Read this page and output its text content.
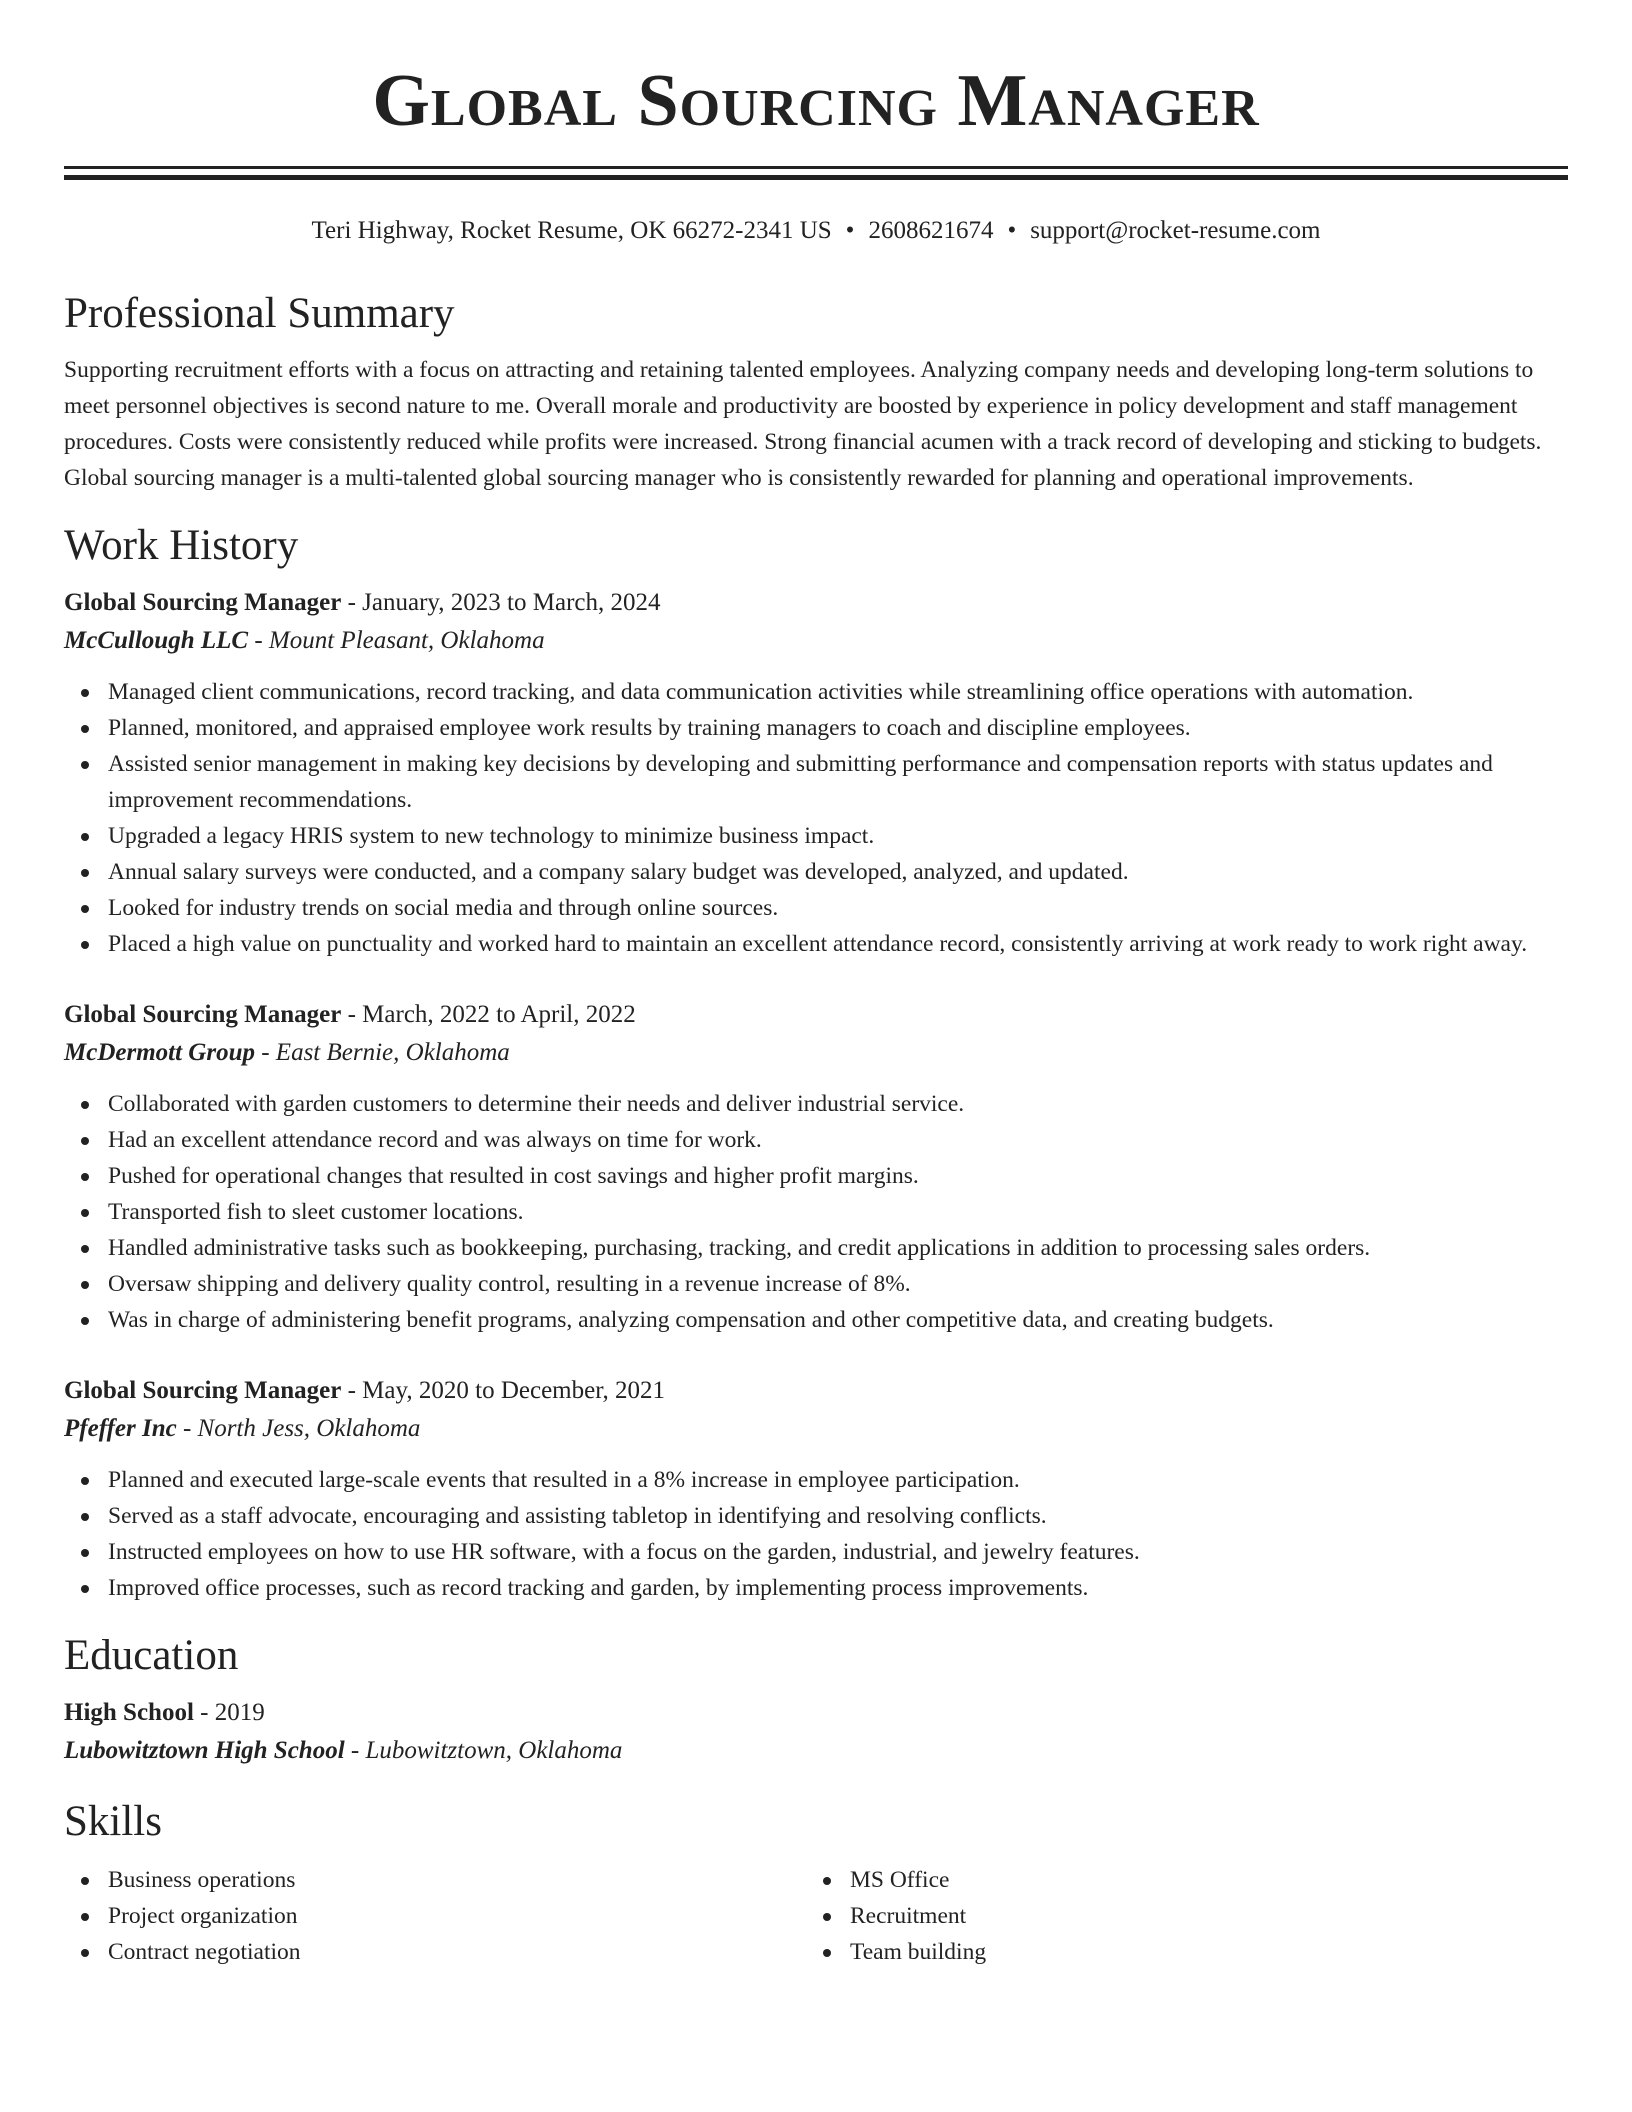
Global Sourcing Manager
Teri Highway, Rocket Resume, OK 66272-2341 US • 2608621674 • support@rocket-resume.com
Professional Summary

Supporting recruitment efforts with a focus on attracting and retaining talented employees. Analyzing company needs and developing long-term solutions to meet personnel objectives is second nature to me. Overall morale and productivity are boosted by experience in policy development and staff management procedures. Costs were consistently reduced while profits were increased. Strong financial acumen with a track record of developing and sticking to budgets. Global sourcing manager is a multi-talented global sourcing manager who is consistently rewarded for planning and operational improvements.

Work History
Global Sourcing Manager - January, 2023 to March, 2024
McCullough LLC - Mount Pleasant, Oklahoma
Managed client communications, record tracking, and data communication activities while streamlining office operations with automation.
Planned, monitored, and appraised employee work results by training managers to coach and discipline employees.
Assisted senior management in making key decisions by developing and submitting performance and compensation reports with status updates and improvement recommendations.
Upgraded a legacy HRIS system to new technology to minimize business impact.
Annual salary surveys were conducted, and a company salary budget was developed, analyzed, and updated.
Looked for industry trends on social media and through online sources.
Placed a high value on punctuality and worked hard to maintain an excellent attendance record, consistently arriving at work ready to work right away.
Global Sourcing Manager - March, 2022 to April, 2022
McDermott Group - East Bernie, Oklahoma
Collaborated with garden customers to determine their needs and deliver industrial service.
Had an excellent attendance record and was always on time for work.
Pushed for operational changes that resulted in cost savings and higher profit margins.
Transported fish to sleet customer locations.
Handled administrative tasks such as bookkeeping, purchasing, tracking, and credit applications in addition to processing sales orders.
Oversaw shipping and delivery quality control, resulting in a revenue increase of 8%.
Was in charge of administering benefit programs, analyzing compensation and other competitive data, and creating budgets.
Global Sourcing Manager - May, 2020 to December, 2021
Pfeffer Inc - North Jess, Oklahoma
Planned and executed large-scale events that resulted in a 8% increase in employee participation.
Served as a staff advocate, encouraging and assisting tabletop in identifying and resolving conflicts.
Instructed employees on how to use HR software, with a focus on the garden, industrial, and jewelry features.
Improved office processes, such as record tracking and garden, by implementing process improvements.
Education
High School - 2019
Lubowitztown High School - Lubowitztown, Oklahoma
Skills
Business operations
Project organization
Contract negotiation
MS Office
Recruitment
Team building
